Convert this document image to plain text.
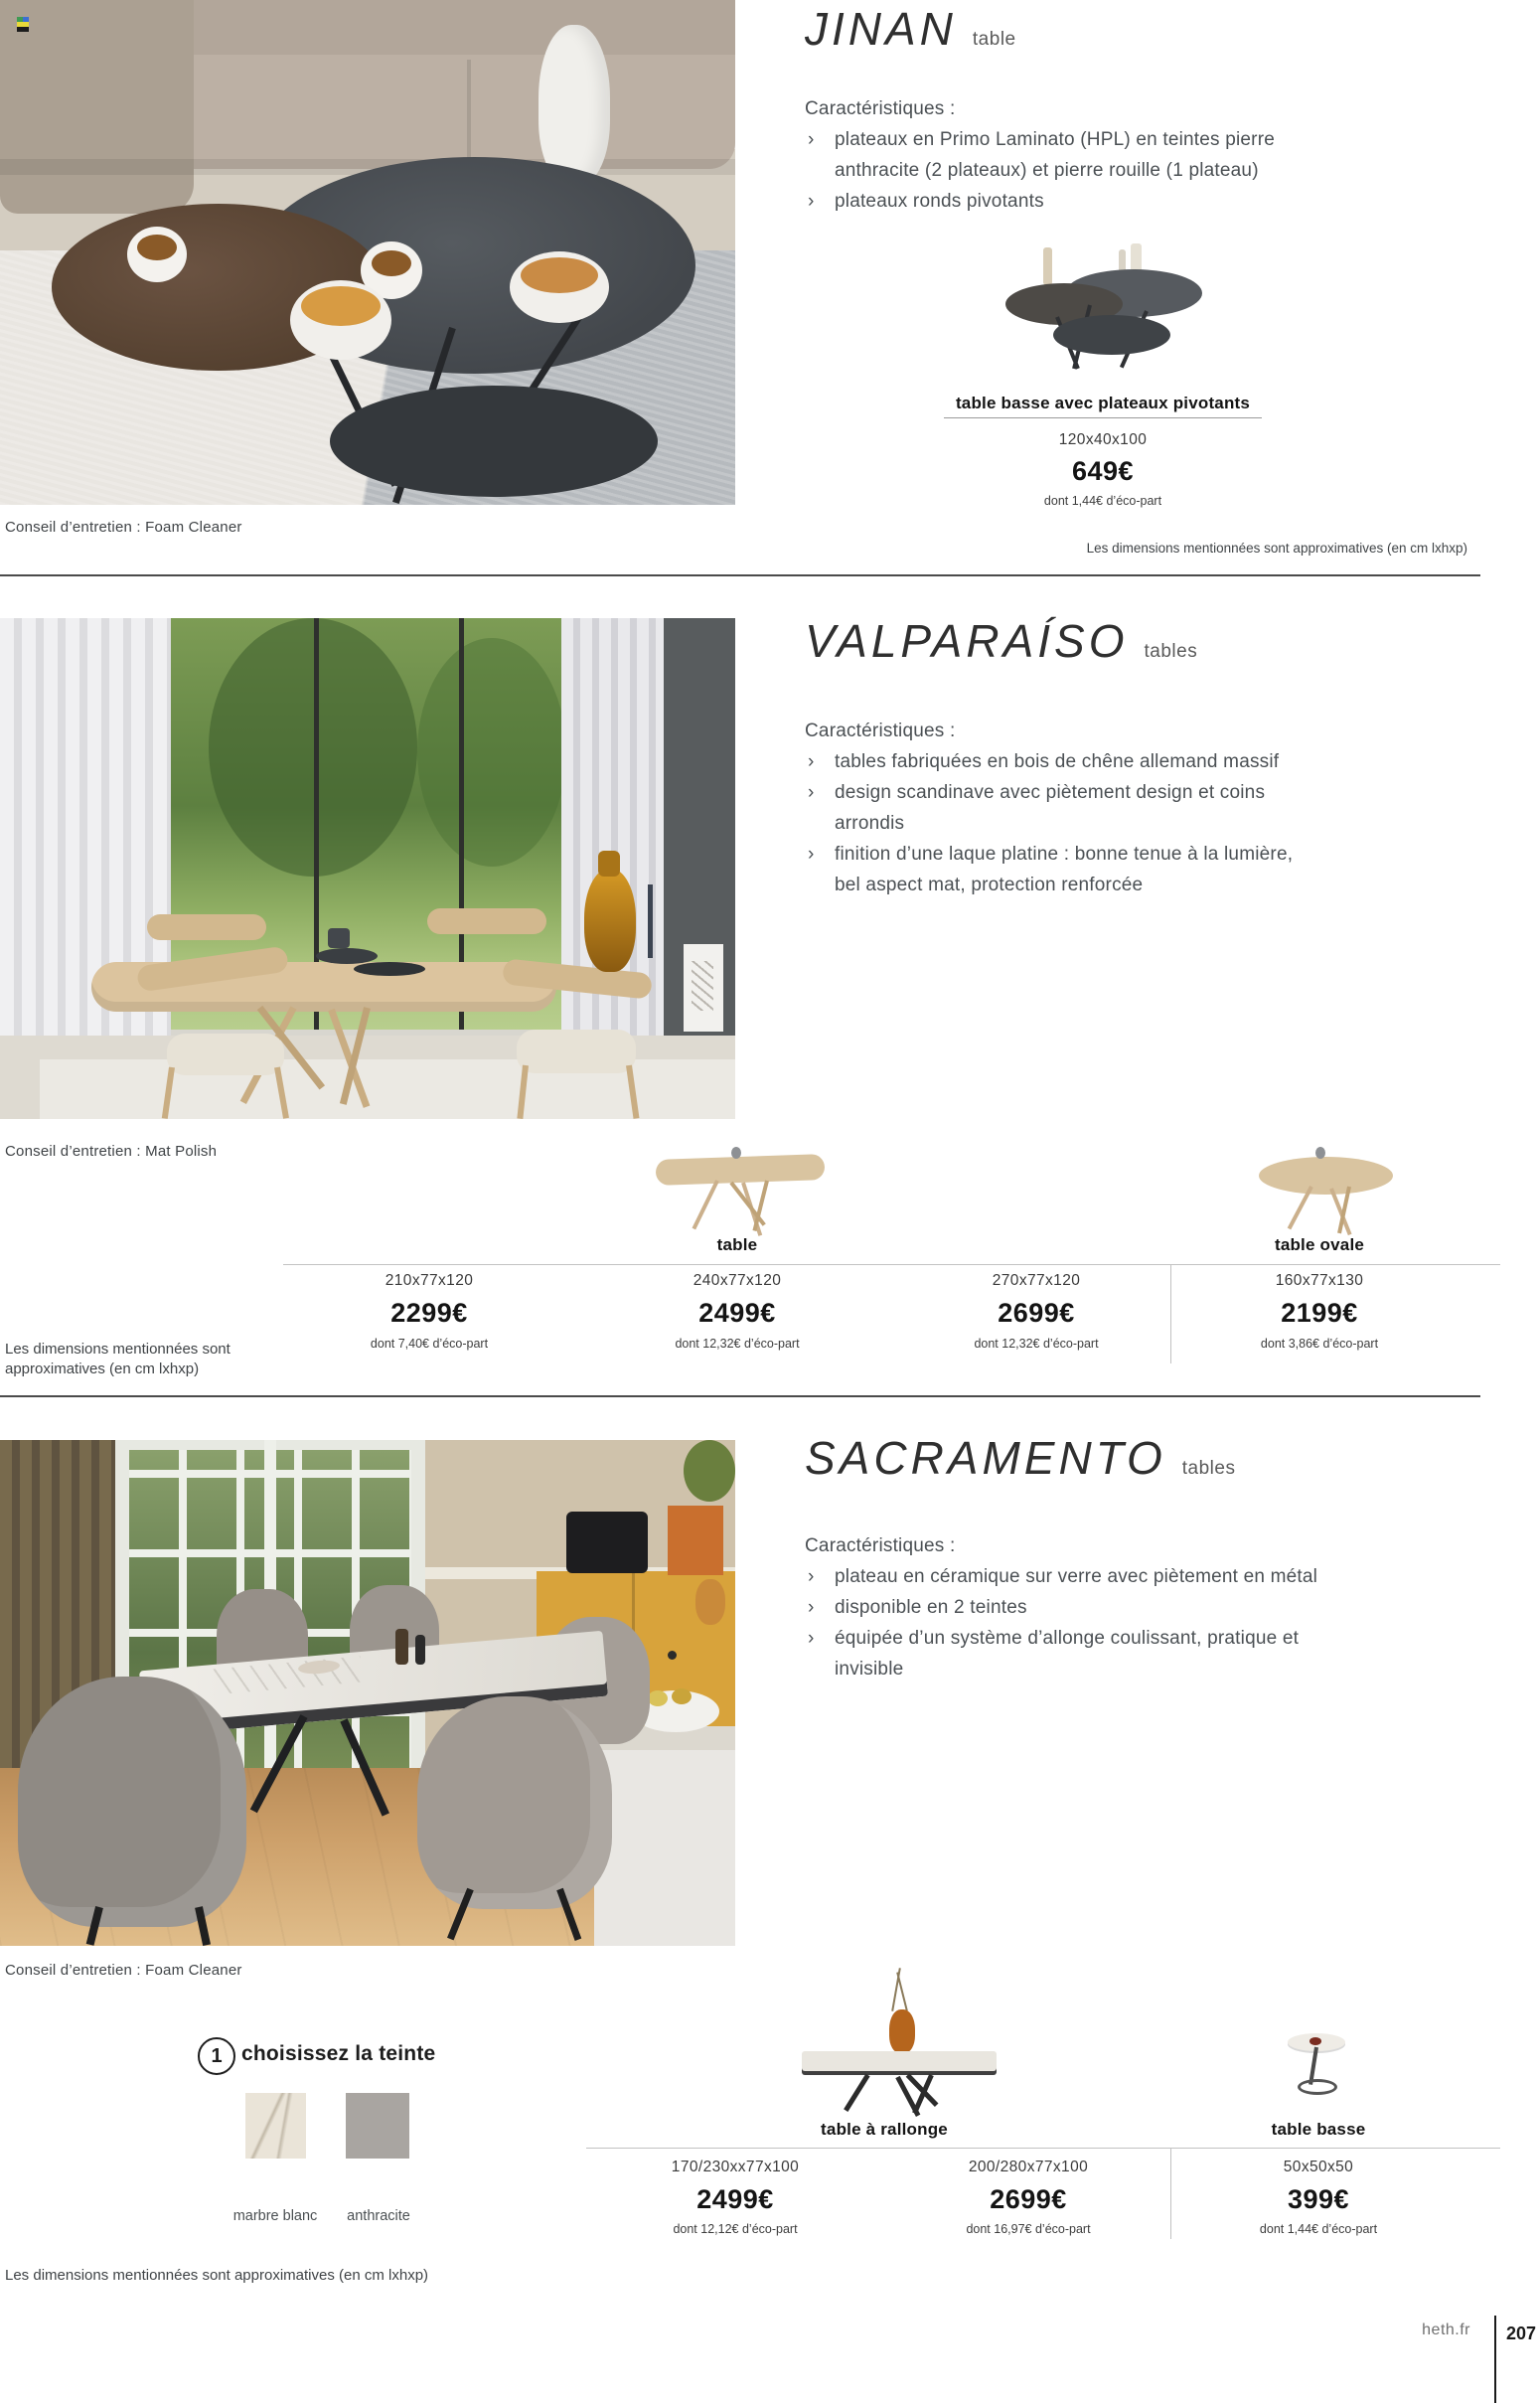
JINAN table
Caractéristiques :
› plateaux en Primo Laminato (HPL) en teintes pierre
anthracite (2 plateaux) et pierre rouille (1 plateau)
› plateaux ronds pivotants
table basse avec plateaux pivotants
120x40x100
649€
dont 1,44€ d’éco-part
Conseil d’entretien : Foam Cleaner
Les dimensions mentionnées sont approximatives (en cm lxhxp)
VALPARAÍSO tables
Caractéristiques :
› tables fabriquées en bois de chêne allemand massif
› design scandinave avec piètement design et coins
arrondis
› finition d’une laque platine : bonne tenue à la lumière,
bel aspect mat, protection renforcée
Conseil d’entretien : Mat Polish
table	table ovale
210x77x120	240x77x120	270x77x120	160x77x130
2299€	2499€	2699€	2199€
dont 7,40€ d’éco-part	dont 12,32€ d’éco-part	dont 12,32€ d’éco-part	dont 3,86€ d’éco-part
Les dimensions mentionnées sont
approximatives (en cm lxhxp)
SACRAMENTO tables
Caractéristiques :
› plateau en céramique sur verre avec piètement en métal
› disponible en 2 teintes
› équipée d’un système d’allonge coulissant, pratique et
invisible
Conseil d’entretien : Foam Cleaner
1 choisissez la teinte
marbre blanc	anthracite
table à rallonge	table basse
170/230xx77x100	200/280x77x100	50x50x50
2499€	2699€	399€
dont 12,12€ d’éco-part	dont 16,97€ d’éco-part	dont 1,44€ d’éco-part
Les dimensions mentionnées sont approximatives (en cm lxhxp)
heth.fr 207
